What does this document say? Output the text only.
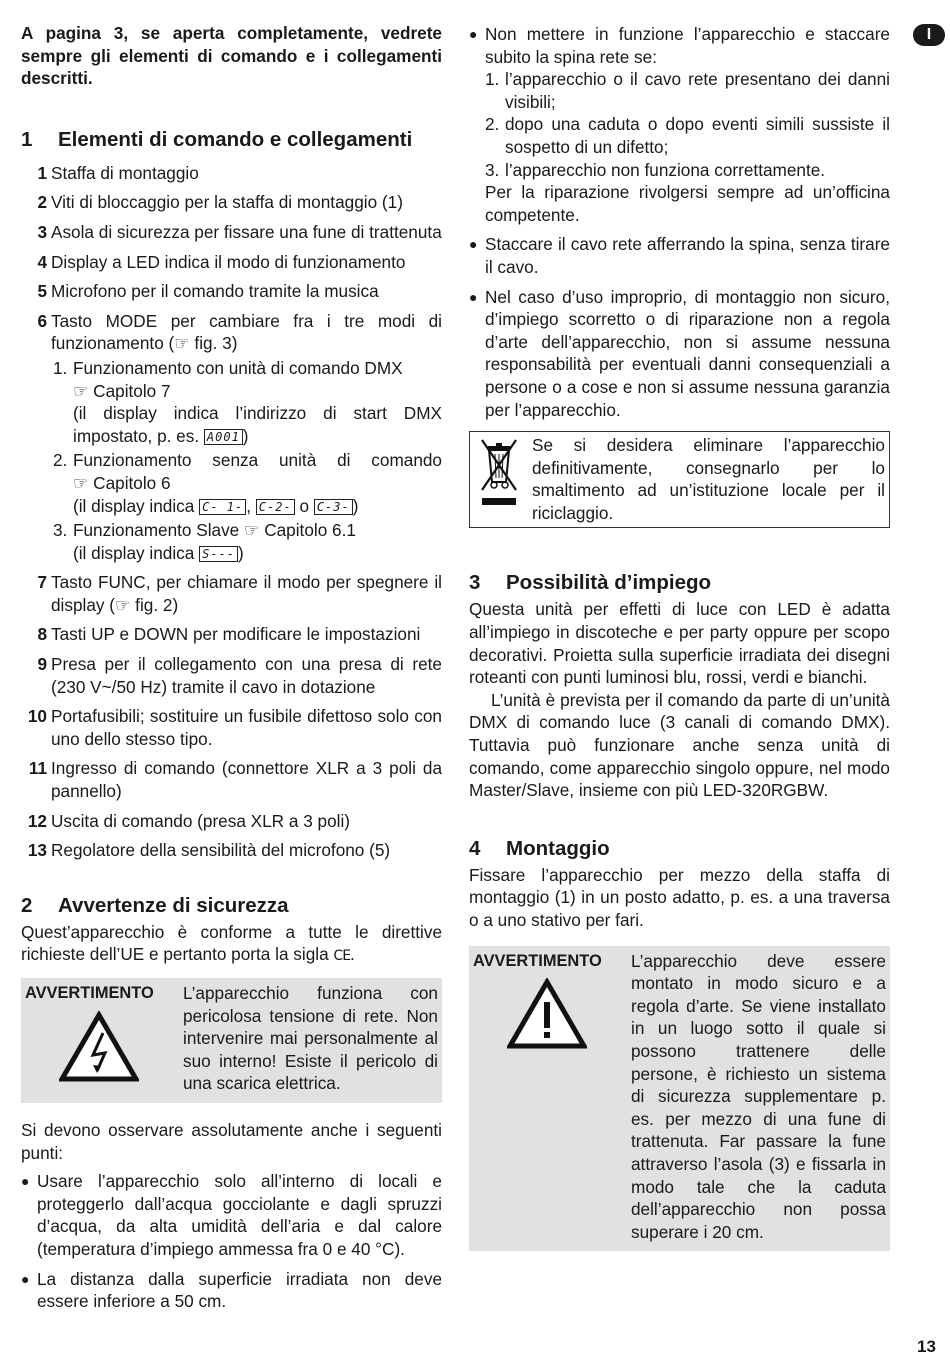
I

A pagina 3, se aperta completamente, vedrete sempre gli elementi di comando e i collegamenti descritti.

1	Elementi di comando e collegamenti
1 Staffa di montaggio
2 Viti di bloccaggio per la staffa di montaggio (1)
3 Asola di sicurezza per fissare una fune di trattenuta
4 Display a LED indica il modo di funzionamento
5 Microfono per il comando tramite la musica
6 Tasto MODE per cambiare fra i tre modi di funzionamento (☞ fig. 3)

1. Funzionamento con unità di comando DMX

☞ Capitolo 7

(il display indica l’indirizzo di start DMX impostato, p. es. A001 )

2. Funzionamento senza unità di comando

☞ Capitolo 6

(il display indica C- 1- , C-2- o C-3- )

3. Funzionamento Slave ☞ Capitolo 6.1

(il display indica S--- )

7 Tasto FUNC, per chiamare il modo per spegnere il display (☞ fig. 2)
8 Tasti UP e DOWN per modificare le impostazioni
9 Presa per il collegamento con una presa di rete (230 V~/50 Hz) tramite il cavo in dotazione
10 Portafusibili; sostituire un fusibile difettoso solo con uno dello stesso tipo.
11 Ingresso di comando (connettore XLR a 3 poli da pannello)
12 Uscita di comando (presa XLR a 3 poli)
13 Regolatore della sensibilità del microfono (5)
2	Avvertenze di sicurezza

Quest’apparecchio è conforme a tutte le direttive richieste dell’UE e pertanto porta la sigla CE.

AVVERTIMENTO	L’apparecchio funziona con pericolosa tensione di rete. Non intervenire mai personalmente al suo interno! Esiste il pericolo di una scarica elettrica.

Si devono osservare assolutamente anche i seguenti punti:

● Usare l’apparecchio solo all’interno di locali e proteggerlo dall’acqua gocciolante e dagli spruzzi d’acqua, da alta umidità dell’aria e dal calore (temperatura d’impiego ammessa fra 0 e 40 °C).

● La distanza dalla superficie irradiata non deve essere inferiore a 50 cm.

● Non mettere in funzione l’apparecchio e staccare subito la spina rete se:

1. l’apparecchio o il cavo rete presentano dei danni visibili;

2. dopo una caduta o dopo eventi simili sussiste il sospetto di un difetto;

3. l’apparecchio non funziona correttamente.

Per la riparazione rivolgersi sempre ad un’officina competente.

● Staccare il cavo rete afferrando la spina, senza tirare il cavo.

● Nel caso d’uso improprio, di montaggio non sicuro, d’impiego scorretto o di riparazione non a regola d’arte dell’apparecchio, non si assume nessuna responsabilità per eventuali danni consequenziali a persone o a cose e non si assume nessuna garanzia per l’apparecchio.

Se si desidera eliminare l’apparecchio definitivamente, consegnarlo per lo smaltimento ad un’istituzione locale per il riciclaggio.

3	Possibilità d’impiego

Questa unità per effetti di luce con LED è adatta all’impiego in discoteche e per party oppure per scopo decorativi. Proietta sulla superficie irradiata dei disegni roteanti con punti luminosi blu, rossi, verdi e bianchi.

L’unità è prevista per il comando da parte di un’unità DMX di comando luce (3 canali di comando DMX). Tuttavia può funzionare anche senza unità di comando, come apparecchio singolo oppure, nel modo Master/Slave, insieme con più LED-320RGBW.

4	Montaggio

Fissare l’apparecchio per mezzo della staffa di montaggio (1) in un posto adatto, p. es. a una traversa o a uno stativo per fari.

AVVERTIMENTO	L’apparecchio deve essere montato in modo sicuro e a regola d’arte. Se viene installato in un luogo sotto il quale si possono trattenere delle persone, è richiesto un sistema di sicurezza supplementare p. es. per mezzo di una fune di trattenuta. Far passare la fune attraverso l’asola (3) e fissarla in modo tale che la caduta dell’apparecchio non possa superare i 20 cm.

13
